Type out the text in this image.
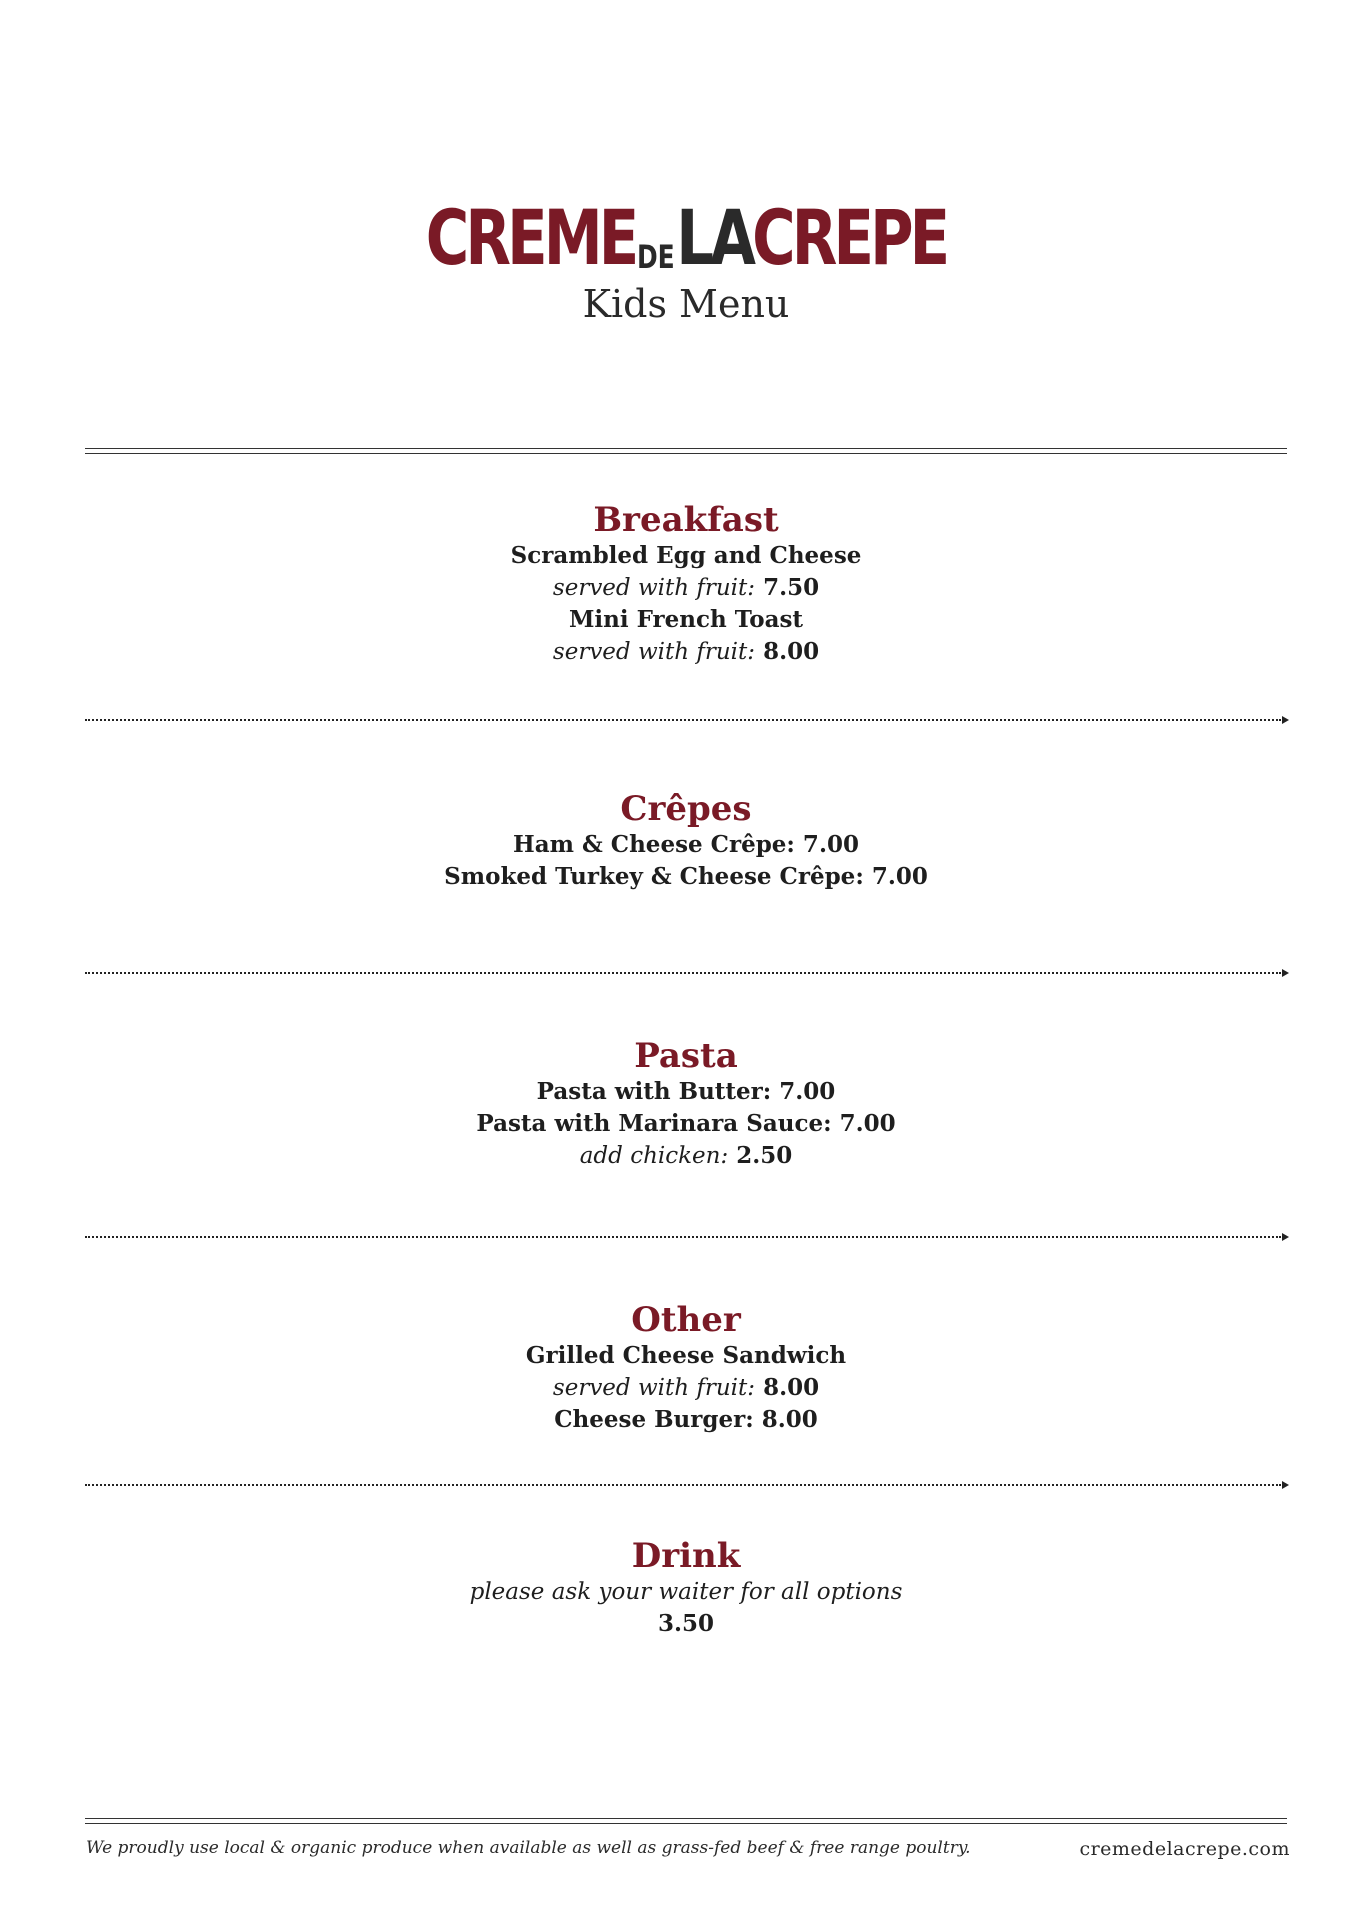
CREME DE LA CREPE
Kids Menu
Breakfast
Scrambled Egg and Cheese
served with fruit: 7.50
Mini French Toast
served with fruit: 8.00
Crêpes
Ham & Cheese Crêpe: 7.00
Smoked Turkey & Cheese Crêpe: 7.00
Pasta
Pasta with Butter: 7.00
Pasta with Marinara Sauce: 7.00
add chicken: 2.50
Other
Grilled Cheese Sandwich
served with fruit: 8.00
Cheese Burger: 8.00
Drink
please ask your waiter for all options
3.50
We proudly use local & organic produce when available as well as grass-fed beef & free range poultry.	cremedelacrepe.com
